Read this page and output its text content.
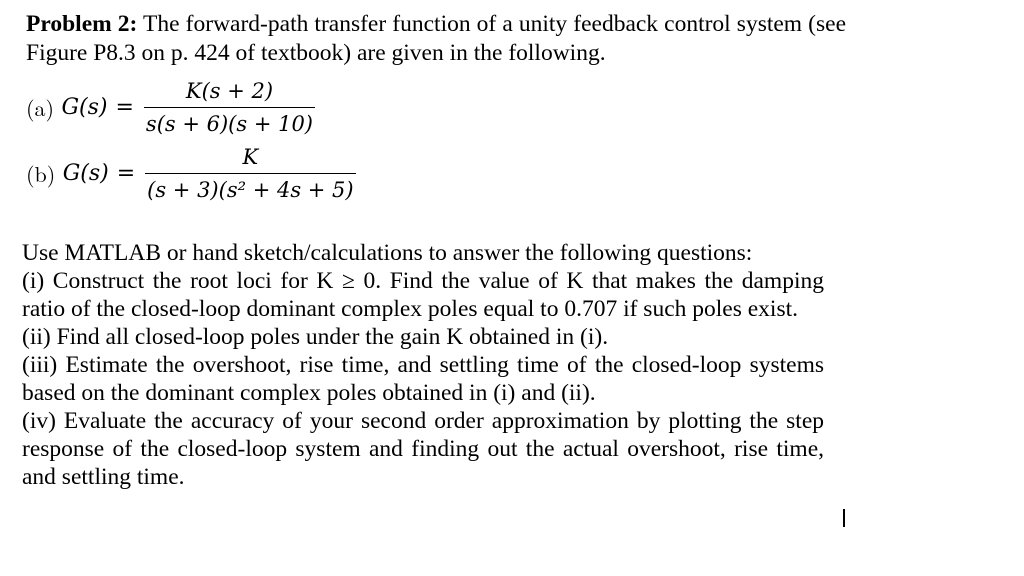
Problem 2: The forward-path transfer function of a unity feedback control system (see Figure P8.3 on p. 424 of textbook) are given in the following.
(a) $G(s) = \frac{K(s + 2)}{s(s + 6)(s + 10)}$
(b) $G(s) = \frac{K}{\text{(s + 3)(s² + 4s + 5)}}$

Use MATLAB or hand sketch/calculations to answer the following questions:

(i) Construct the root loci for K ≥ 0. Find the value of K that makes the damping ratio of the closed-loop dominant complex poles equal to 0.707 if such poles exist.

(ii) Find all closed-loop poles under the gain K obtained in (i).

(iii) Estimate the overshoot, rise time, and settling time of the closed-loop systems based on the dominant complex poles obtained in (i) and (ii).

(iv) Evaluate the accuracy of your second order approximation by plotting the step response of the closed-loop system and finding out the actual overshoot, rise time, and settling time.
